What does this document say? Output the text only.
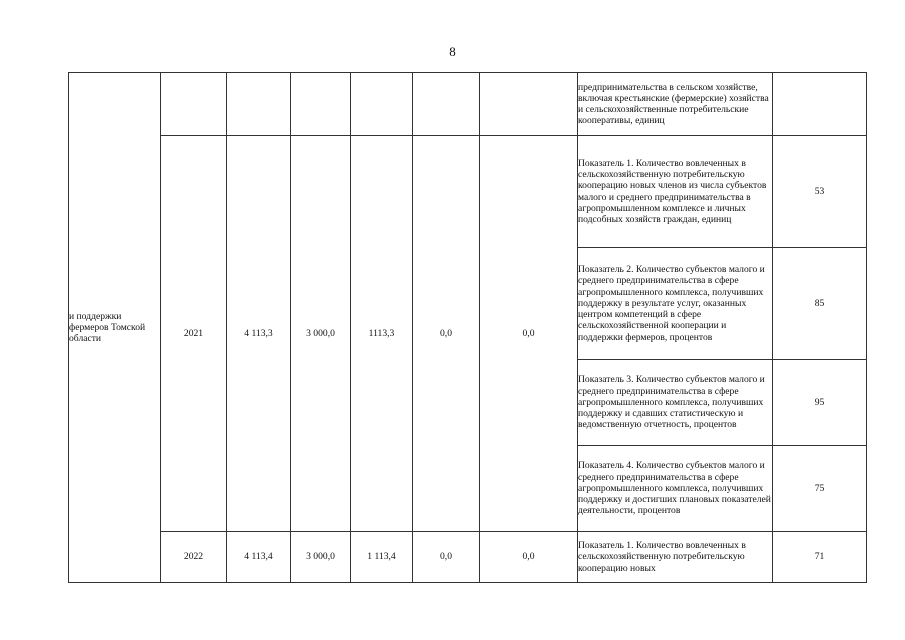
8
и поддержки фермеров Томской области							предпринимательства в сельском хозяйстве, включая крестьянские (фермерские) хозяйства и сельскохозяйственные потребительские кооперативы, единиц	

	2021	4 113,3	3 000,0	1113,3	0,0	0,0	Показатель 1. Количество вовлеченных в сельскохозяйственную потребительскую кооперацию новых членов из числа субъектов малого и среднего предпринимательства в агропромышленном комплексе и личных подсобных хозяйств граждан, единиц	53

							Показатель 2. Количество субъектов малого и среднего предпринимательства в сфере агропромышленного комплекса, получивших поддержку в результате услуг, оказанных центром компетенций в сфере сельскохозяйственной кооперации и поддержки фермеров, процентов	85

							Показатель 3. Количество субъектов малого и среднего предпринимательства в сфере агропромышленного комплекса, получивших поддержку и сдавших статистическую и ведомственную отчетность, процентов	95

							Показатель 4. Количество субъектов малого и среднего предпринимательства в сфере агропромышленного комплекса, получивших поддержку и достигших плановых показателей деятельности, процентов	75
	2022	4 113,4	3 000,0	1 113,4	0,0	0,0	Показатель 1. Количество вовлеченных в сельскохозяйственную потребительскую кооперацию новых	71
